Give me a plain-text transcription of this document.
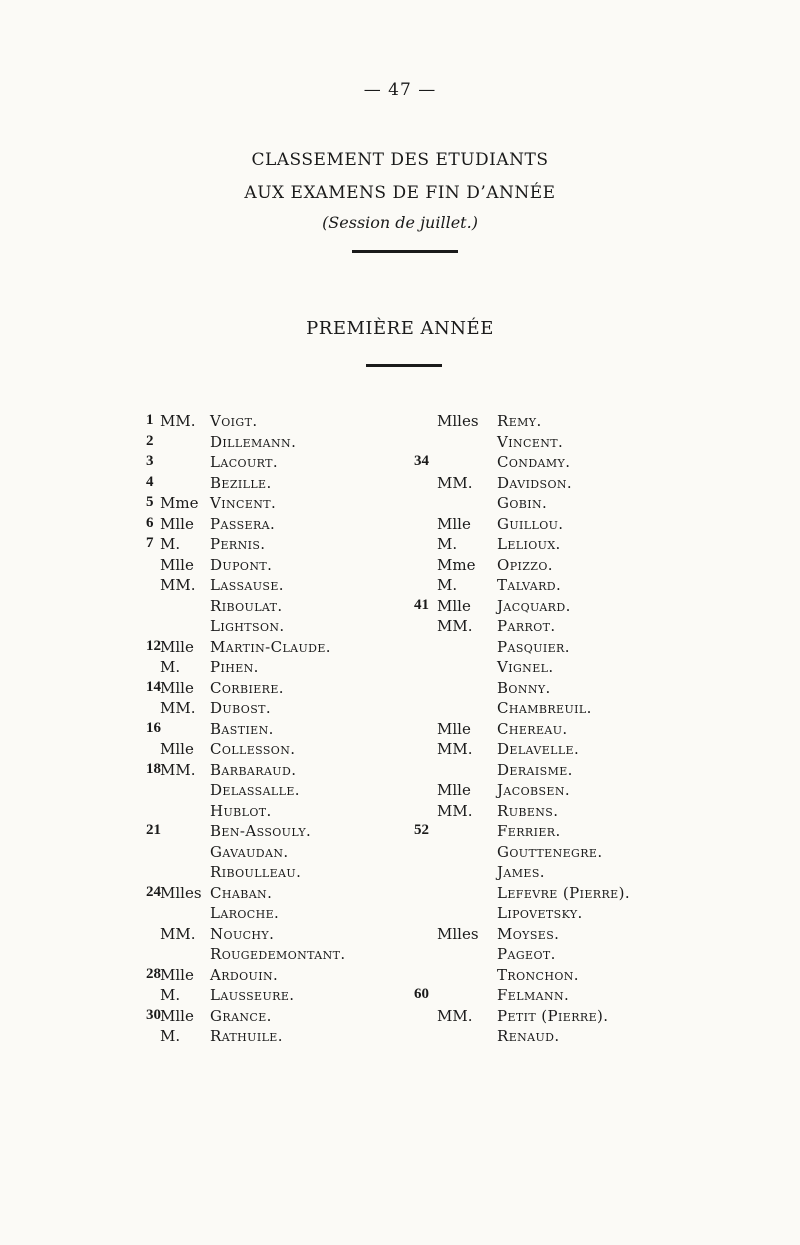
— 47 —
CLASSEMENT DES ETUDIANTS
AUX EXAMENS DE FIN D’ANNÉE
(Session de juillet.)
PREMIÈRE ANNÉE
1 MM. Voigt.
2	Dillemann.
3	Lacourt.
4	Bezille.
5 Mme Vincent.
6 Mlle Passera.
7 M. Pernis.
Mlle Dupont.
MM. Lassause.
Riboulat.
Lightson.
12 Mlle Martin-Claude.
M. Pihen.
14 Mlle Corbiere.
MM. Dubost.
16	Bastien.
Mlle Collesson.
18 MM. Barbaraud.
Delassalle.
Hublot.
21	Ben-Assouly.
Gavaudan.
Riboulleau.
24 Mlles Chaban.
Laroche.
MM. Nouchy.
Rougedemontant.
28 Mlle Ardouin.
M. Lausseure.
30 Mlle Grance.
M. Rathuile.
Mlles Remy.
Vincent.
34	Condamy.
MM. Davidson.
Gobin.
Mlle Guillou.
M.	Lelioux.
Mme Opizzo.
M.	Talvard.
41 Mlle Jacquard.
MM. Parrot.
Pasquier.
Vignel.
Bonny.
Chambreuil.
Mlle Chereau.
MM. Delavelle.
Deraisme.
Mlle Jacobsen.
MM. Rubens.
52	Ferrier.
Gouttenegre.
James.
Lefevre (Pierre).
Lipovetsky.
Mlles Moyses.
Pageot.
Tronchon.
60	Felmann.
MM. Petit (Pierre).
Renaud.
